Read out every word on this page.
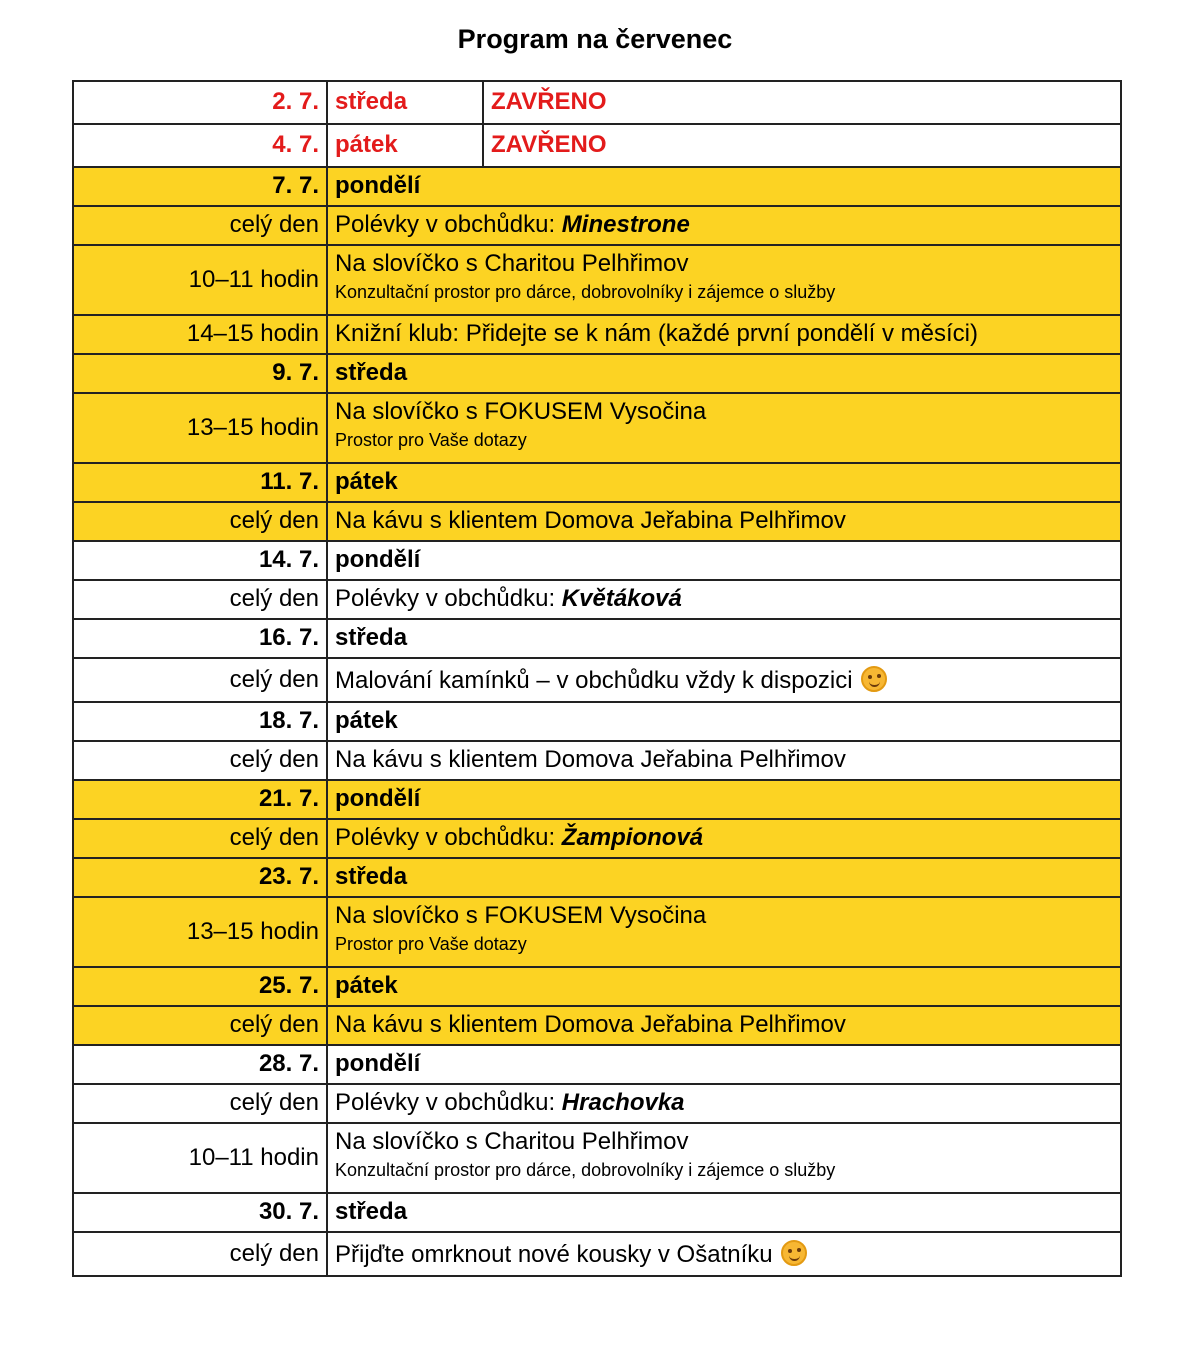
Program na červenec
2. 7.	středa	ZAVŘENO
4. 7.	pátek	ZAVŘENO
7. 7.	pondělí	
celý den	Polévky v obchůdku: Minestrone	
10–11 hodin	Na slovíčko s Charitou Pelhřimov
Konzultační prostor pro dárce, dobrovolníky i zájemce o služby	

14–15 hodin	Knižní klub: Přidejte se k nám (každé první pondělí v měsíci)	
9. 7.	středa	
13–15 hodin	Na slovíčko s FOKUSEM Vysočina
Prostor pro Vaše dotazy	

11. 7.	pátek	
celý den	Na kávu s klientem Domova Jeřabina Pelhřimov	
14. 7.	pondělí	
celý den	Polévky v obchůdku: Květáková	
16. 7.	středa	
celý den	Malování kamínků – v obchůdku vždy k dispozici	
18. 7.	pátek	
celý den	Na kávu s klientem Domova Jeřabina Pelhřimov	
21. 7.	pondělí	
celý den	Polévky v obchůdku: Žampionová	
23. 7.	středa	
13–15 hodin	Na slovíčko s FOKUSEM Vysočina
Prostor pro Vaše dotazy	

25. 7.	pátek	
celý den	Na kávu s klientem Domova Jeřabina Pelhřimov	
28. 7.	pondělí	
celý den	Polévky v obchůdku: Hrachovka	
10–11 hodin	Na slovíčko s Charitou Pelhřimov
Konzultační prostor pro dárce, dobrovolníky i zájemce o služby	

30. 7.	středa	
celý den	Přijďte omrknout nové kousky v Ošatníku	
